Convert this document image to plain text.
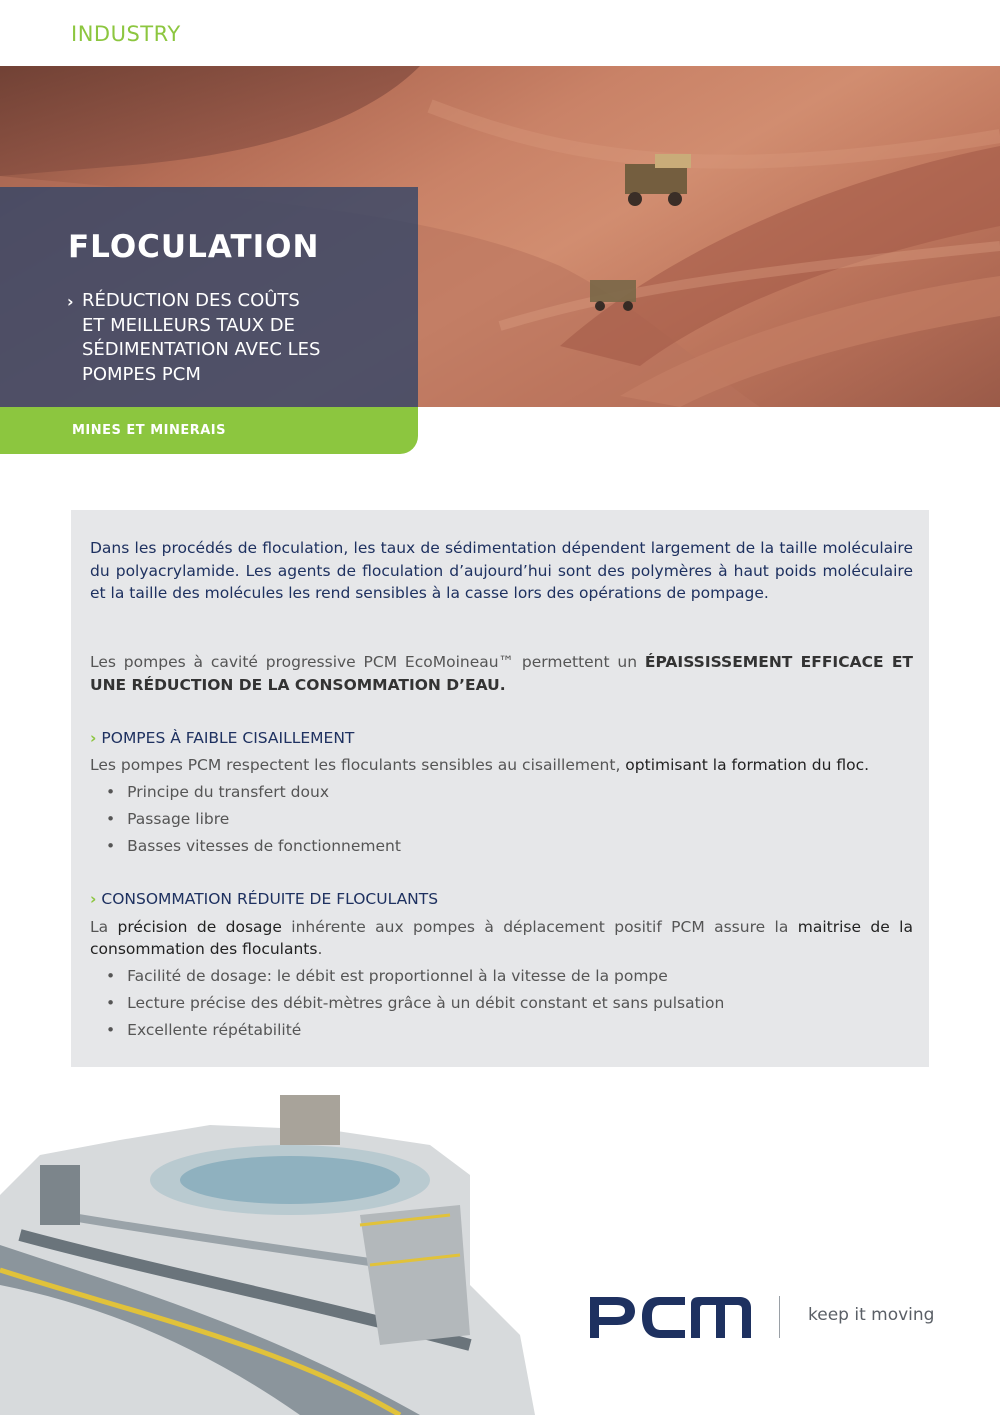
INDUSTRY
FLOCULATION
› RÉDUCTION DES COÛTS
ET MEILLEURS TAUX DE
SÉDIMENTATION AVEC LES
POMPES PCM
MINES ET MINERAIS
Dans les procédés de floculation, les taux de sédimentation dépendent largement de la taille moléculaire du polyacrylamide. Les agents de floculation d’aujourd’hui sont des polymères à haut poids moléculaire et la taille des molécules les rend sensibles à la casse lors des opérations de pompage.
Les pompes à cavité progressive PCM EcoMoineau™ permettent un ÉPAISSISSEMENT EFFICACE ET UNE RÉDUCTION DE LA CONSOMMATION D’EAU.
› POMPES À FAIBLE CISAILLEMENT
Les pompes PCM respectent les floculants sensibles au cisaillement, optimisant la formation du floc.
• Principe du transfert doux
• Passage libre
• Basses vitesses de fonctionnement
› CONSOMMATION RÉDUITE DE FLOCULANTS
La précision de dosage inhérente aux pompes à déplacement positif PCM assure la maitrise de la consommation des floculants.
• Facilité de dosage: le débit est proportionnel à la vitesse de la pompe
• Lecture précise des débit-mètres grâce à un débit constant et sans pulsation
• Excellente répétabilité
keep it moving
